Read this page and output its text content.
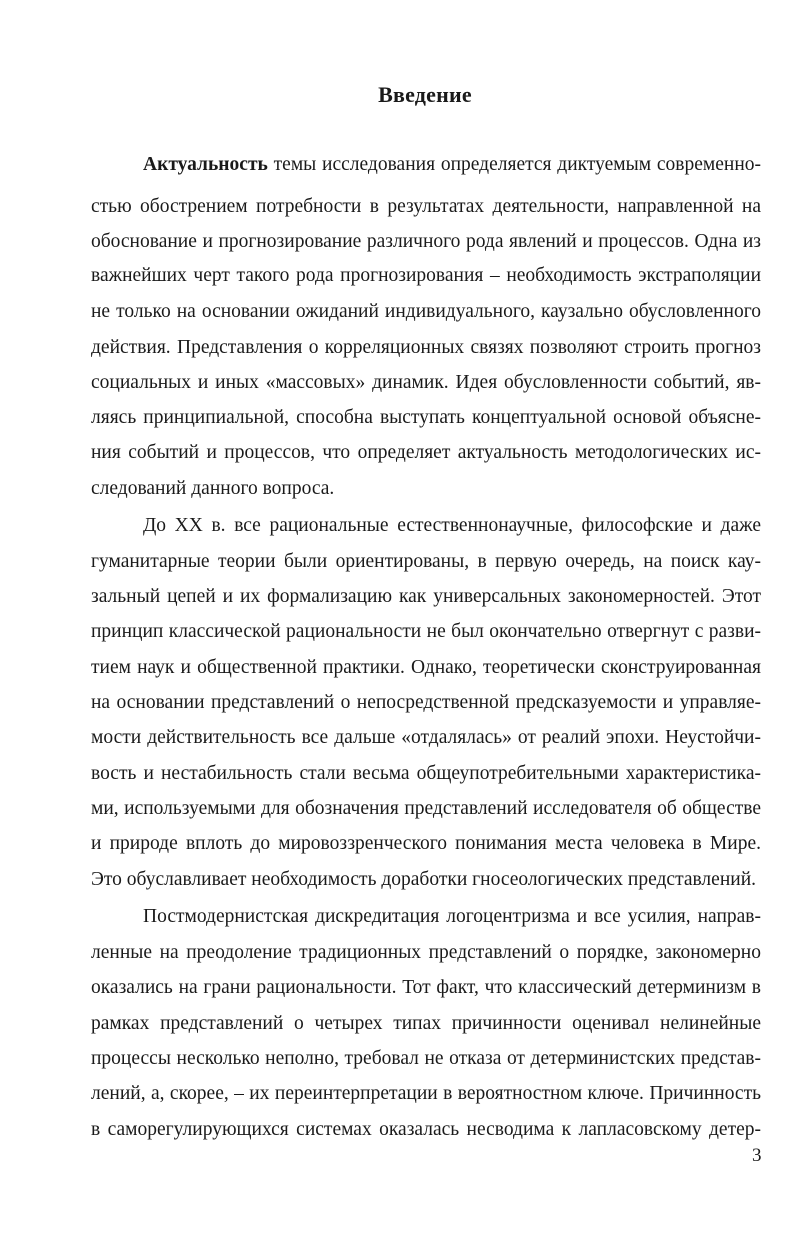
Введение
Актуальность темы исследования определяется диктуемым современно-
стью обострением потребности в результатах деятельности, направленной на
обоснование и прогнозирование различного рода явлений и процессов. Одна из
важнейших черт такого рода прогнозирования – необходимость экстраполяции
не только на основании ожиданий индивидуального, каузально обусловленного
действия. Представления о корреляционных связях позволяют строить прогноз
социальных и иных «массовых» динамик. Идея обусловленности событий, яв-
ляясь принципиальной, способна выступать концептуальной основой объясне-
ния событий и процессов, что определяет актуальность методологических ис-
следований данного вопроса.
До XX в. все рациональные естественнонаучные, философские и даже
гуманитарные теории были ориентированы, в первую очередь, на поиск кау-
зальный цепей и их формализацию как универсальных закономерностей. Этот
принцип классической рациональности не был окончательно отвергнут с разви-
тием наук и общественной практики. Однако, теоретически сконструированная
на основании представлений о непосредственной предсказуемости и управляе-
мости действительность все дальше «отдалялась» от реалий эпохи. Неустойчи-
вость и нестабильность стали весьма общеупотребительными характеристика-
ми, используемыми для обозначения представлений исследователя об обществе
и природе вплоть до мировоззренческого понимания места человека в Мире.
Это обуславливает необходимость доработки гносеологических представлений.
Постмодернистская дискредитация логоцентризма и все усилия, направ-
ленные на преодоление традиционных представлений о порядке, закономерно
оказались на грани рациональности. Тот факт, что классический детерминизм в
рамках представлений о четырех типах причинности оценивал нелинейные
процессы несколько неполно, требовал не отказа от детерминистских представ-
лений, а, скорее, – их переинтерпретации в вероятностном ключе. Причинность
в саморегулирующихся системах оказалась несводима к лапласовскому детер-
3
